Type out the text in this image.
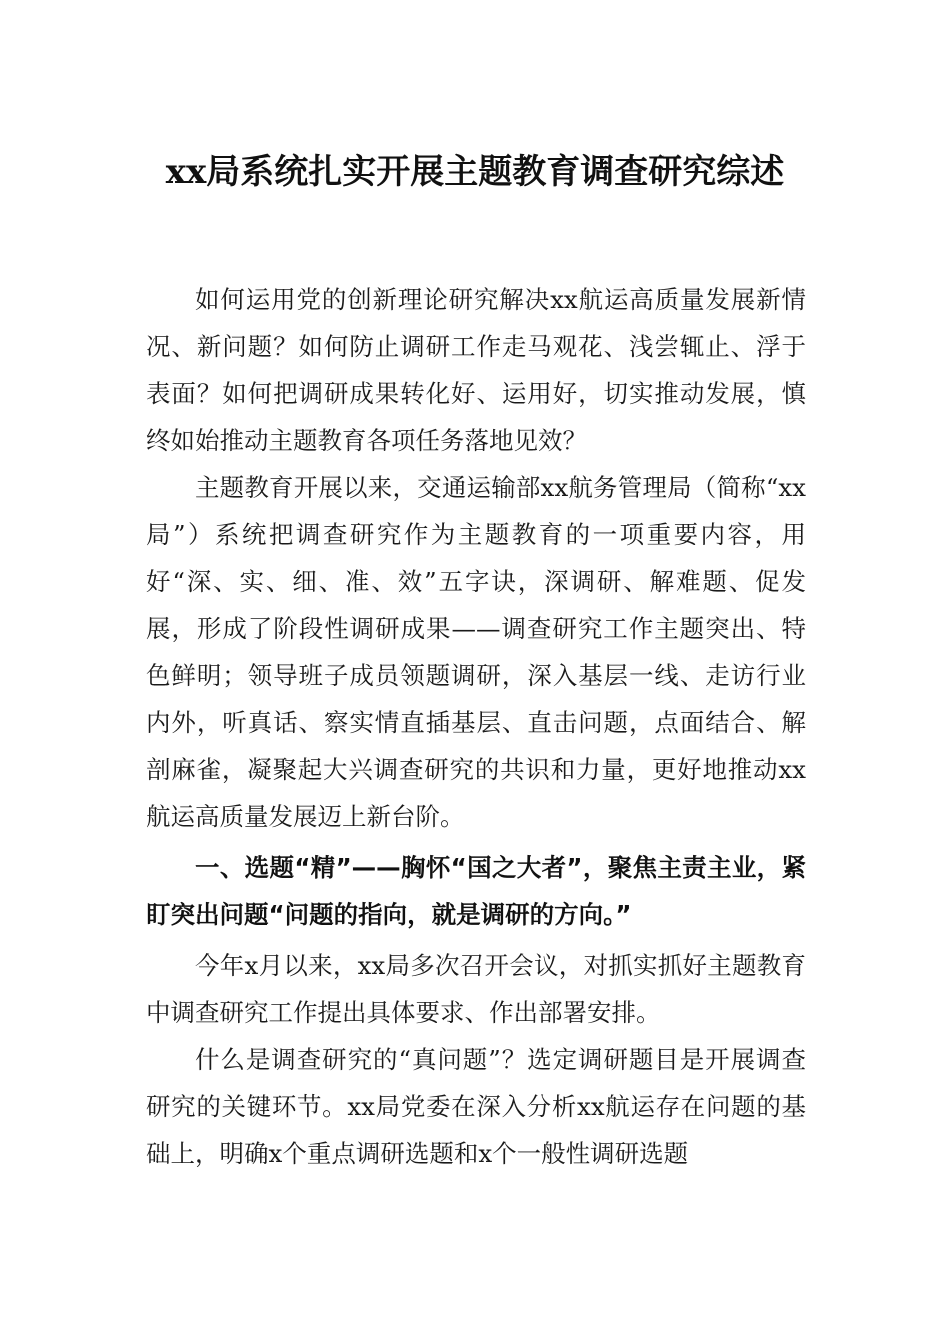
xx局系统扎实开展主题教育调查研究综述

如何运用党的创新理论研究解决xx航运高质量发展新情况、新问题？如何防止调研工作走马观花、浅尝辄止、浮于表面？如何把调研成果转化好、运用好，切实推动发展，慎终如始推动主题教育各项任务落地见效？

主题教育开展以来，交通运输部xx航务管理局（简称“xx局”）系统把调查研究作为主题教育的一项重要内容，用好“深、实、细、准、效”五字诀，深调研、解难题、促发展，形成了阶段性调研成果——调查研究工作主题突出、特色鲜明；领导班子成员领题调研，深入基层一线、走访行业内外，听真话、察实情直插基层、直击问题，点面结合、解剖麻雀，凝聚起大兴调查研究的共识和力量，更好地推动xx航运高质量发展迈上新台阶。

一、选题“精”——胸怀“国之大者”，聚焦主责主业，紧盯突出问题“问题的指向，就是调研的方向。”

今年x月以来，xx局多次召开会议，对抓实抓好主题教育中调查研究工作提出具体要求、作出部署安排。

什么是调查研究的“真问题”？选定调研题目是开展调查研究的关键环节。xx局党委在深入分析xx航运存在问题的基础上，明确x个重点调研选题和x个一般性调研选题
